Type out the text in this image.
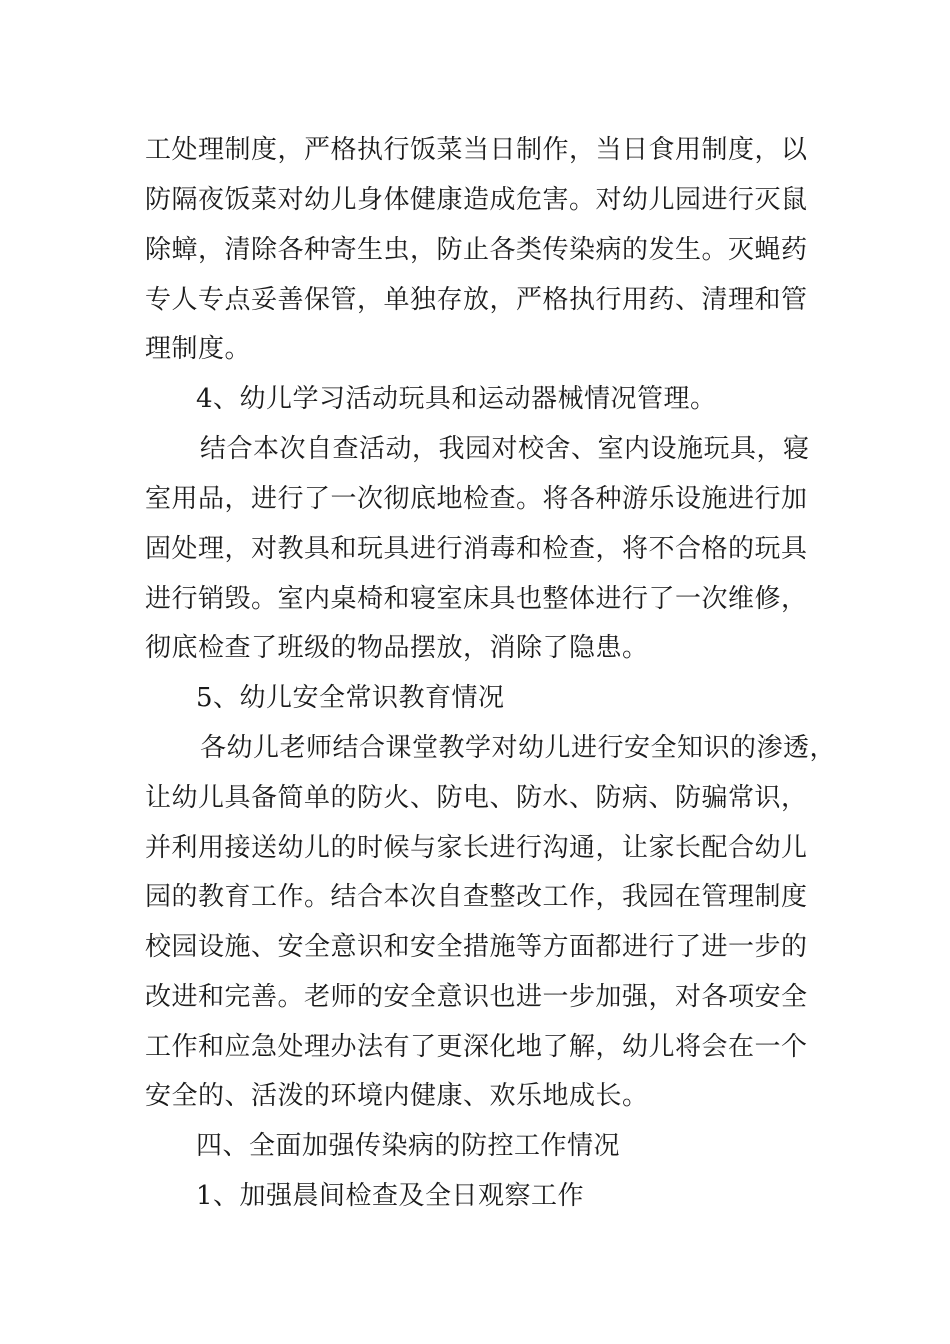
工处理制度，严格执行饭菜当日制作，当日食用制度，以
防隔夜饭菜对幼儿身体健康造成危害。对幼儿园进行灭鼠
除蟑，清除各种寄生虫，防止各类传染病的发生。灭蝇药
专人专点妥善保管，单独存放，严格执行用药、清理和管
理制度。
4、幼儿学习活动玩具和运动器械情况管理。
结合本次自查活动，我园对校舍、室内设施玩具，寝
室用品，进行了一次彻底地检查。将各种游乐设施进行加
固处理，对教具和玩具进行消毒和检查，将不合格的玩具
进行销毁。室内桌椅和寝室床具也整体进行了一次维修，
彻底检查了班级的物品摆放，消除了隐患。
5、幼儿安全常识教育情况
各幼儿老师结合课堂教学对幼儿进行安全知识的渗透，
让幼儿具备简单的防火、防电、防水、防病、防骗常识，
并利用接送幼儿的时候与家长进行沟通，让家长配合幼儿
园的教育工作。结合本次自查整改工作，我园在管理制度
校园设施、安全意识和安全措施等方面都进行了进一步的
改进和完善。老师的安全意识也进一步加强，对各项安全
工作和应急处理办法有了更深化地了解，幼儿将会在一个
安全的、活泼的环境内健康、欢乐地成长。
四、全面加强传染病的防控工作情况
1、加强晨间检查及全日观察工作
